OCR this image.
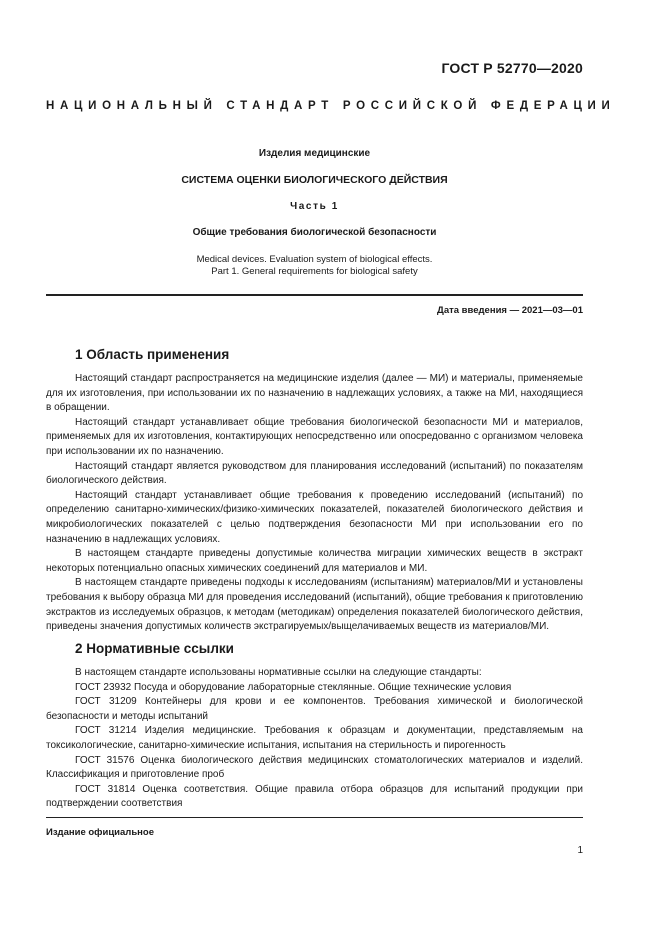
ГОСТ Р 52770—2020
НАЦИОНАЛЬНЫЙ СТАНДАРТ РОССИЙСКОЙ ФЕДЕРАЦИИ
Изделия медицинские
СИСТЕМА ОЦЕНКИ БИОЛОГИЧЕСКОГО ДЕЙСТВИЯ
Часть 1
Общие требования биологической безопасности
Medical devices. Evaluation system of biological effects.
Part 1. General requirements for biological safety
Дата введения — 2021—03—01
1 Область применения

Настоящий стандарт распространяется на медицинские изделия (далее — МИ) и материалы, применяемые для их изготовления, при использовании их по назначению в надлежащих условиях, а также на МИ, находящиеся в обращении.

Настоящий стандарт устанавливает общие требования биологической безопасности МИ и материалов, применяемых для их изготовления, контактирующих непосредственно или опосредованно с организмом человека при использовании их по назначению.

Настоящий стандарт является руководством для планирования исследований (испытаний) по показателям биологического действия.

Настоящий стандарт устанавливает общие требования к проведению исследований (испытаний) по определению санитарно-химических/физико-химических показателей, показателей биологического действия и микробиологических показателей с целью подтверждения безопасности МИ при использовании его по назначению в надлежащих условиях.

В настоящем стандарте приведены допустимые количества миграции химических веществ в экстракт некоторых потенциально опасных химических соединений для материалов и МИ.

В настоящем стандарте приведены подходы к исследованиям (испытаниям) материалов/МИ и установлены требования к выбору образца МИ для проведения исследований (испытаний), общие требования к приготовлению экстрактов из исследуемых образцов, к методам (методикам) определения показателей биологического действия, приведены значения допустимых количеств экстрагируемых/выщелачиваемых веществ из материалов/МИ.

2 Нормативные ссылки

В настоящем стандарте использованы нормативные ссылки на следующие стандарты:

ГОСТ 23932 Посуда и оборудование лабораторные стеклянные. Общие технические условия

ГОСТ 31209 Контейнеры для крови и ее компонентов. Требования химической и биологической безопасности и методы испытаний

ГОСТ 31214 Изделия медицинские. Требования к образцам и документации, представляемым на токсикологические, санитарно-химические испытания, испытания на стерильность и пирогенность

ГОСТ 31576 Оценка биологического действия медицинских стоматологических материалов и изделий. Классификация и приготовление проб

ГОСТ 31814 Оценка соответствия. Общие правила отбора образцов для испытаний продукции при подтверждении соответствия

Издание официальное
1
